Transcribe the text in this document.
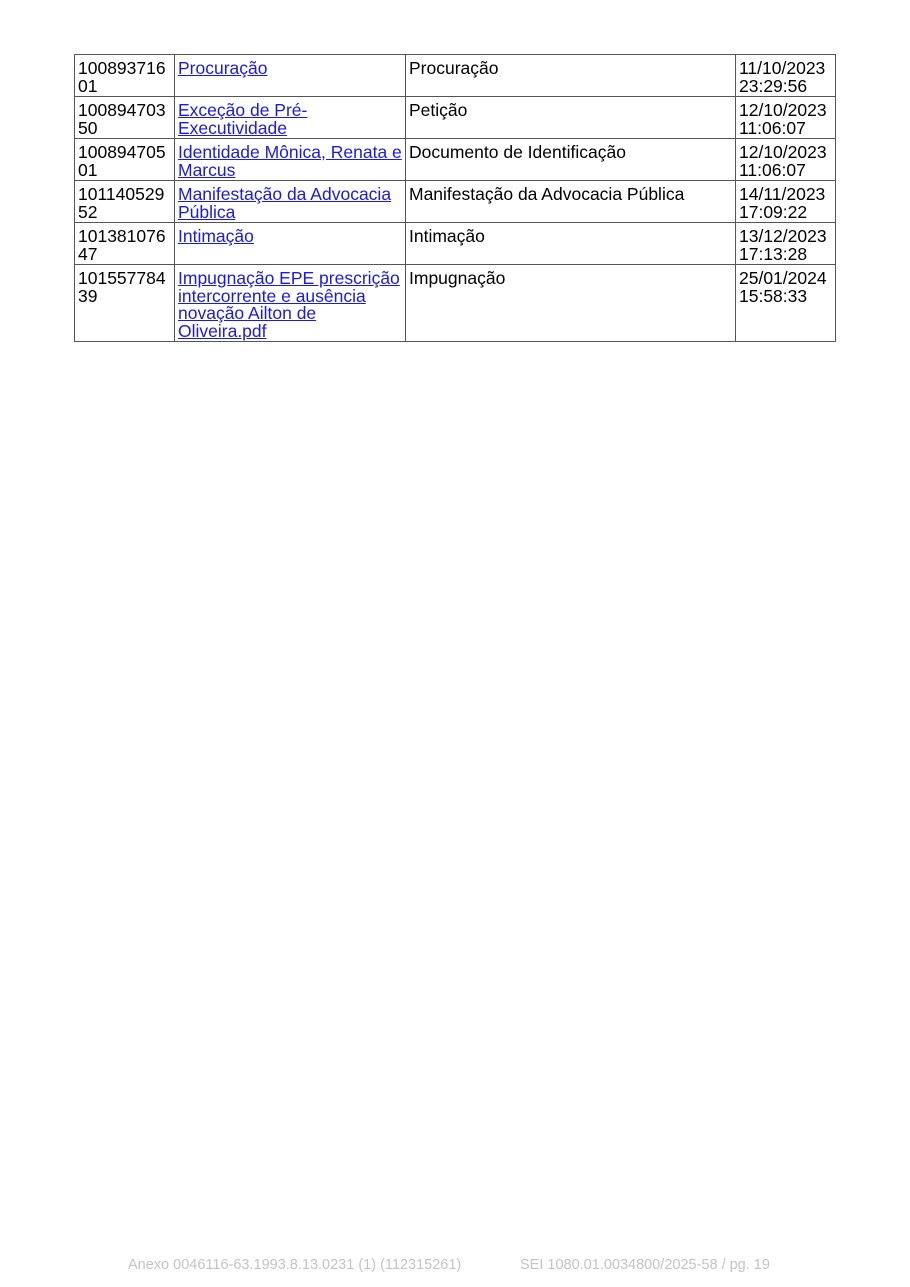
10089371601	Procuração	Procuração	11/10/2023
23:29:56
10089470350	Exceção de Pré-Executividade	Petição	12/10/2023
11:06:07
10089470501	Identidade Mônica, Renata e Marcus	Documento de Identificação	12/10/2023
11:06:07
10114052952	Manifestação da Advocacia Pública	Manifestação da Advocacia Pública	14/11/2023
17:09:22
10138107647	Intimação	Intimação	13/12/2023
17:13:28
10155778439	Impugnação EPE prescrição intercorrente e ausência novação Ailton de Oliveira.pdf	Impugnação	25/01/2024
15:58:33
Anexo 0046116-63.1993.8.13.0231 (1) (112315261)	SEI 1080.01.0034800/2025-58 / pg. 19
